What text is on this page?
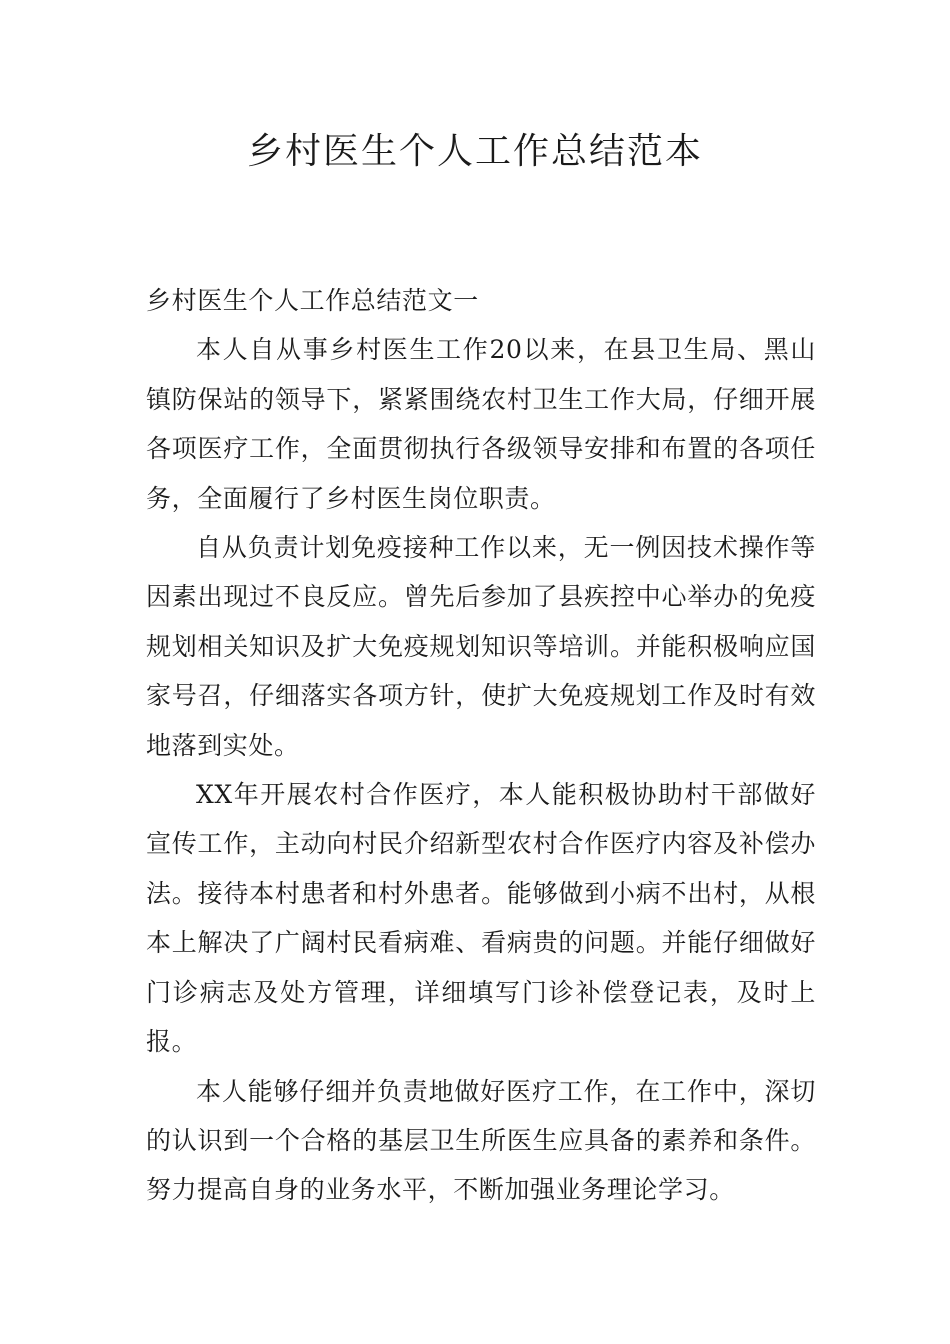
乡村医生个人工作总结范本

乡村医生个人工作总结范文一

本人自从事乡村医生工作20以来，在县卫生局、黑山镇防保站的领导下，紧紧围绕农村卫生工作大局，仔细开展各项医疗工作，全面贯彻执行各级领导安排和布置的各项任务，全面履行了乡村医生岗位职责。

自从负责计划免疫接种工作以来，无一例因技术操作等因素出现过不良反应。曾先后参加了县疾控中心举办的免疫规划相关知识及扩大免疫规划知识等培训。并能积极响应国家号召，仔细落实各项方针，使扩大免疫规划工作及时有效地落到实处。

XX年开展农村合作医疗，本人能积极协助村干部做好宣传工作，主动向村民介绍新型农村合作医疗内容及补偿办法。接待本村患者和村外患者。能够做到小病不出村，从根本上解决了广阔村民看病难、看病贵的问题。并能仔细做好门诊病志及处方管理，详细填写门诊补偿登记表，及时上报。

本人能够仔细并负责地做好医疗工作，在工作中，深切的认识到一个合格的基层卫生所医生应具备的素养和条件。努力提高自身的业务水平，不断加强业务理论学习。
